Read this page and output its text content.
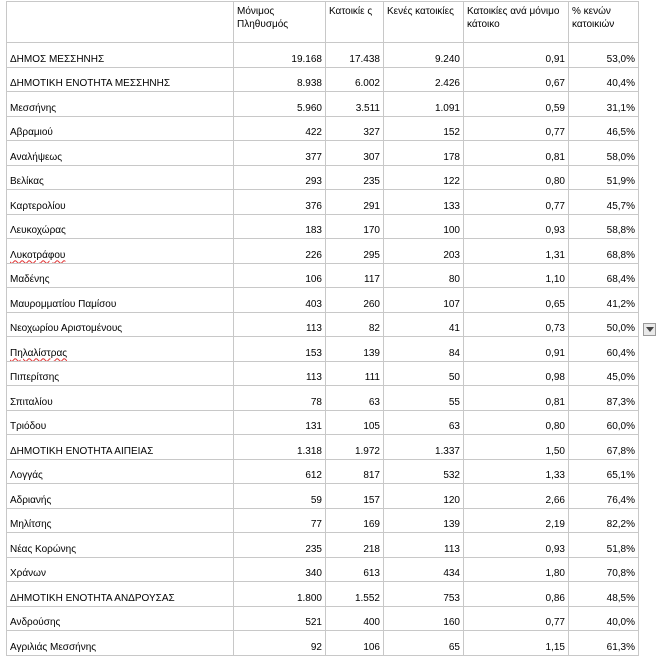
	Μόνιμος Πληθυσμός	Κατοικίε ς	Κενές κατοικίες	Κατοικίες ανά μόνιμο κάτοικο	% κενών κατοικιών
ΔΗΜΟΣ ΜΕΣΣΗΝΗΣ	19.168	17.438	9.240	0,91	53,0%
ΔΗΜΟΤΙΚΗ ΕΝΟΤΗΤΑ ΜΕΣΣΗΝΗΣ	8.938	6.002	2.426	0,67	40,4%
Μεσσήνης	5.960	3.511	1.091	0,59	31,1%
Αβραμιού	422	327	152	0,77	46,5%
Αναλήψεως	377	307	178	0,81	58,0%
Βελίκας	293	235	122	0,80	51,9%
Καρτερολίου	376	291	133	0,77	45,7%
Λευκοχώρας	183	170	100	0,93	58,8%
Λυκοτράφου	226	295	203	1,31	68,8%
Μαδένης	106	117	80	1,10	68,4%
Μαυρομματίου Παμίσου	403	260	107	0,65	41,2%
Νεοχωρίου Αριστομένους	113	82	41	0,73	50,0%
Πηλαλίστρας	153	139	84	0,91	60,4%
Πιπερίτσης	113	111	50	0,98	45,0%
Σπιταλίου	78	63	55	0,81	87,3%
Τριόδου	131	105	63	0,80	60,0%
ΔΗΜΟΤΙΚΗ ΕΝΟΤΗΤΑ ΑΙΠΕΙΑΣ	1.318	1.972	1.337	1,50	67,8%
Λογγάς	612	817	532	1,33	65,1%
Αδριανής	59	157	120	2,66	76,4%
Μηλίτσης	77	169	139	2,19	82,2%
Νέας Κορώνης	235	218	113	0,93	51,8%
Χράνων	340	613	434	1,80	70,8%
ΔΗΜΟΤΙΚΗ ΕΝΟΤΗΤΑ ΑΝΔΡΟΥΣΑΣ	1.800	1.552	753	0,86	48,5%
Ανδρούσης	521	400	160	0,77	40,0%
Αγριλιάς Μεσσήνης	92	106	65	1,15	61,3%
